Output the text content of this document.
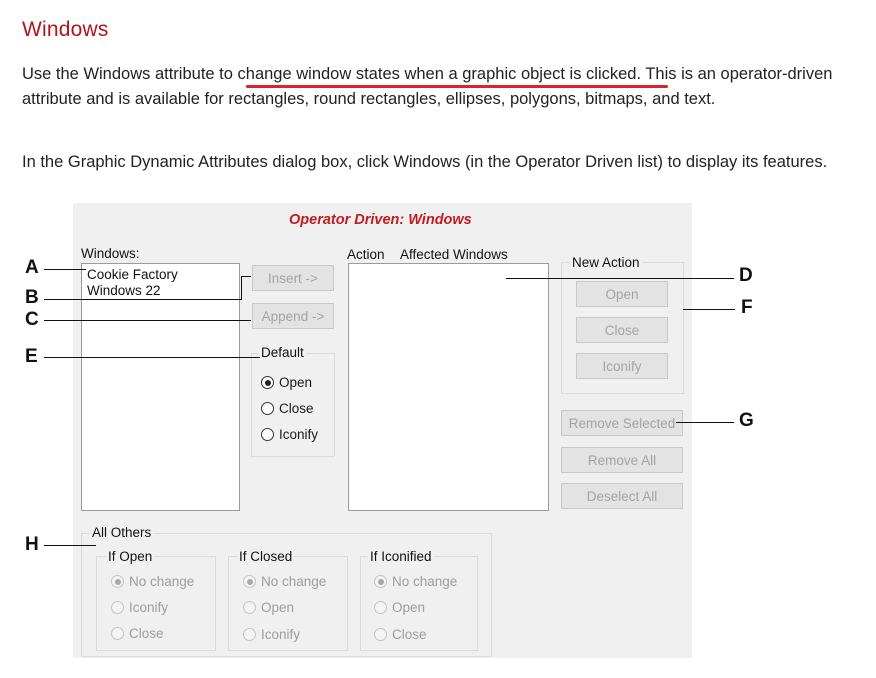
Windows
Use the Windows attribute to change window states when a graphic object is clicked. This is an operator-driven attribute and is available for rectangles, round rectangles, ellipses, polygons, bitmaps, and text.
In the Graphic Dynamic Attributes dialog box, click Windows (in the Operator Driven list) to display its features.
Operator Driven: Windows
Windows:
Cookie Factory
Windows 22
Insert ->
Append ->
Default
Open
Close
Iconify
Action Affected Windows
New Action
Open
Close
Iconify
Remove Selected
Remove All
Deselect All
All Others
If Open
No change
Iconify
Close
If Closed
No change
Open
Iconify
If Iconified
No change
Open
Close
A
B
C
E
D
F
G
H
